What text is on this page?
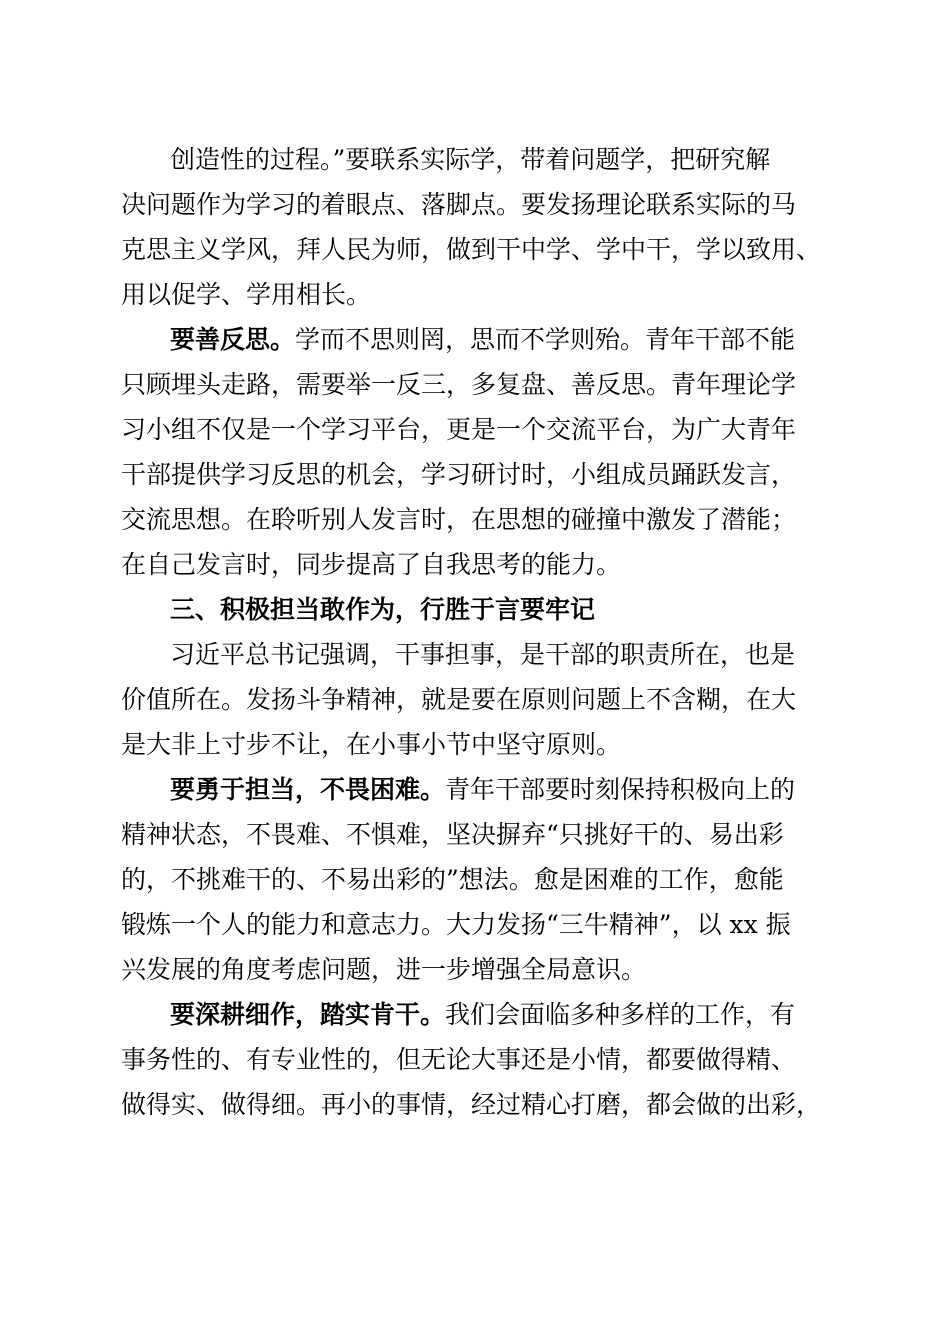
创造性的过程。”要联系实际学，带着问题学，把研究解
决问题作为学习的着眼点、落脚点。要发扬理论联系实际的马
克思主义学风，拜人民为师，做到干中学、学中干，学以致用、
用以促学、学用相长。
要善反思。学而不思则罔，思而不学则殆。青年干部不能
只顾埋头走路，需要举一反三，多复盘、善反思。青年理论学
习小组不仅是一个学习平台，更是一个交流平台，为广大青年
干部提供学习反思的机会，学习研讨时，小组成员踊跃发言，
交流思想。在聆听别人发言时，在思想的碰撞中激发了潜能；
在自己发言时，同步提高了自我思考的能力。
三、积极担当敢作为，行胜于言要牢记
习近平总书记强调，干事担事，是干部的职责所在，也是
价值所在。发扬斗争精神，就是要在原则问题上不含糊，在大
是大非上寸步不让，在小事小节中坚守原则。
要勇于担当，不畏困难。青年干部要时刻保持积极向上的
精神状态，不畏难、不惧难，坚决摒弃“只挑好干的、易出彩
的，不挑难干的、不易出彩的”想法。愈是困难的工作，愈能
锻炼一个人的能力和意志力。大力发扬“三牛精神”，以 xx 振
兴发展的角度考虑问题，进一步增强全局意识。
要深耕细作，踏实肯干。我们会面临多种多样的工作，有
事务性的、有专业性的，但无论大事还是小情，都要做得精、
做得实、做得细。再小的事情，经过精心打磨，都会做的出彩，
